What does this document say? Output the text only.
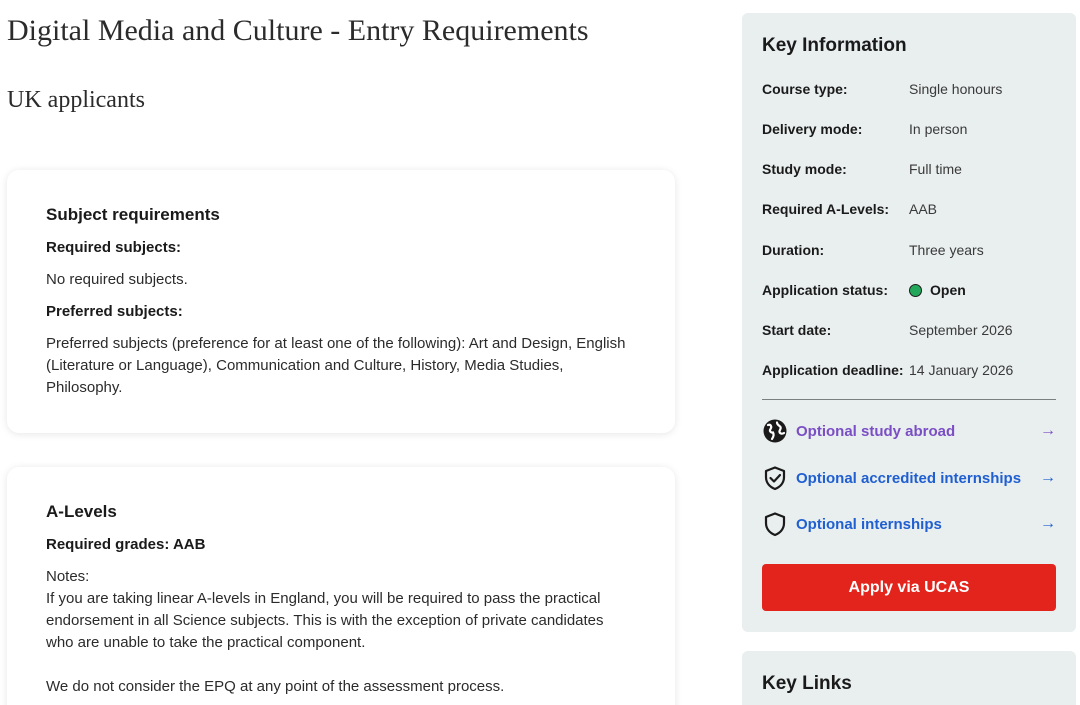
Digital Media and Culture - Entry Requirements
UK applicants
Subject requirements
Required subjects:

No required subjects.

Preferred subjects:

Preferred subjects (preference for at least one of the following): Art and Design, English (Literature or Language), Communication and Culture, History, Media Studies, Philosophy.

A-Levels
Required grades: AAB

Notes:

If you are taking linear A-levels in England, you will be required to pass the practical endorsement in all Science subjects. This is with the exception of private candidates who are unable to take the practical component.

We do not consider the EPQ at any point of the assessment process.

Key Information
Course type:	Single honours
Delivery mode:	In person
Study mode:	Full time
Required A-Levels: AAB
Duration:	Three years
Application status:	Open
Start date:	September 2026
Application deadline: 14 January 2026
Optional study abroad	→
Optional accredited internships →
Optional internships	→
Apply via UCAS
Key Links
